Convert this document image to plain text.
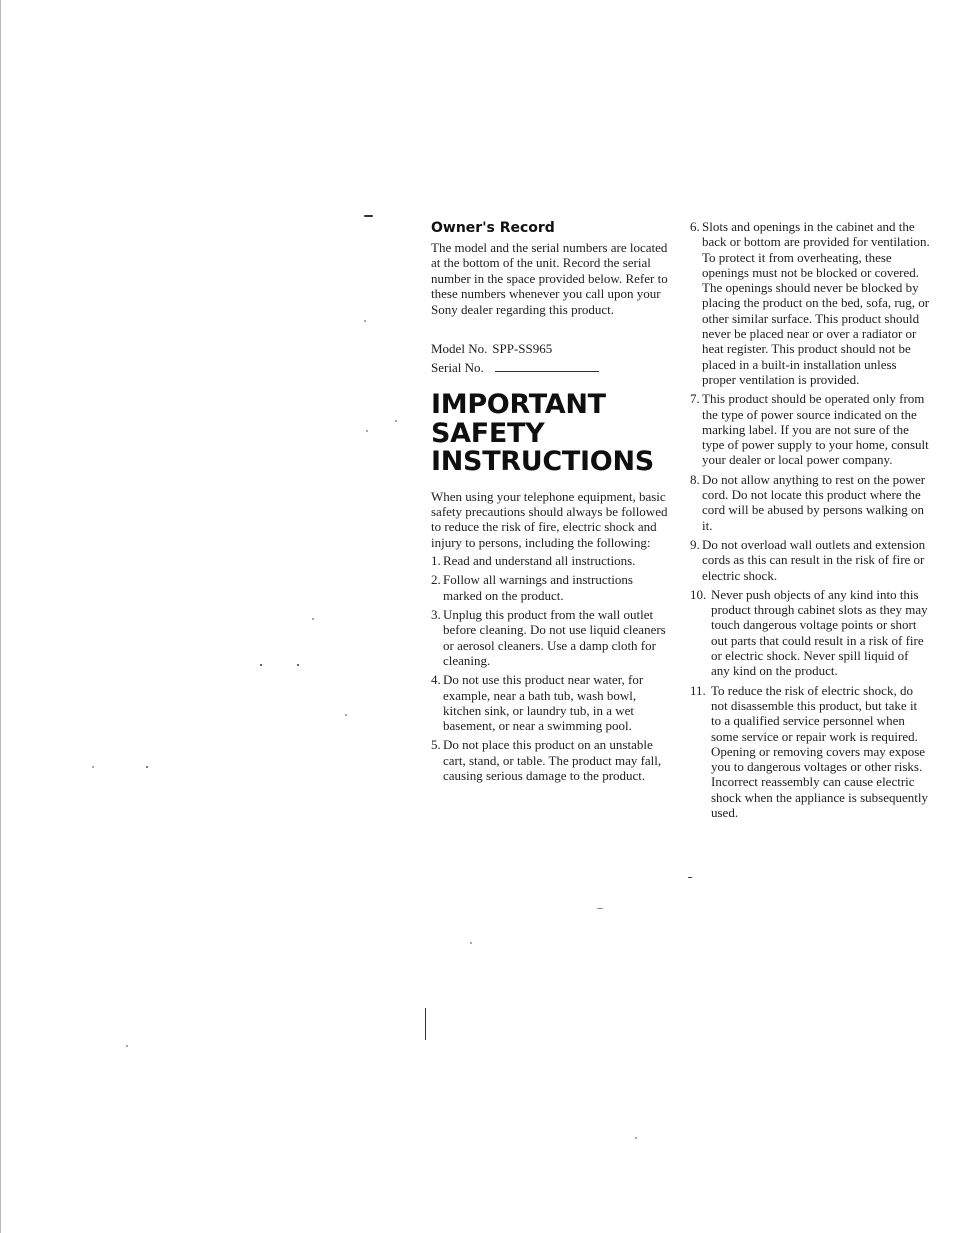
Owner's Record

The model and the serial numbers are located at the bottom of the unit. Record the serial number in the space provided below. Refer to these numbers whenever you call upon your Sony dealer regarding this product.

Model No. SPP-SS965
Serial No.
IMPORTANT
SAFETY
INSTRUCTIONS

When using your telephone equipment, basic safety precautions should always be followed to reduce the risk of fire, electric shock and injury to persons, including the following:

1. Read and understand all instructions.
2. Follow all warnings and instructions marked on the product.
3. Unplug this product from the wall outlet before cleaning. Do not use liquid cleaners or aerosol cleaners. Use a damp cloth for cleaning.
4. Do not use this product near water, for example, near a bath tub, wash bowl, kitchen sink, or laundry tub, in a wet basement, or near a swimming pool.
5. Do not place this product on an unstable cart, stand, or table. The product may fall, causing serious damage to the product.
6. Slots and openings in the cabinet and the back or bottom are provided for ventilation. To protect it from overheating, these openings must not be blocked or covered. The openings should never be blocked by placing the product on the bed, sofa, rug, or other similar surface. This product should never be placed near or over a radiator or heat register. This product should not be placed in a built-in installation unless proper ventilation is provided.
7. This product should be operated only from the type of power source indicated on the marking label. If you are not sure of the type of power supply to your home, consult your dealer or local power company.
8. Do not allow anything to rest on the power cord. Do not locate this product where the cord will be abused by persons walking on it.
9. Do not overload wall outlets and extension cords as this can result in the risk of fire or electric shock.
10. Never push objects of any kind into this product through cabinet slots as they may touch dangerous voltage points or short out parts that could result in a risk of fire or electric shock. Never spill liquid of any kind on the product.
11. To reduce the risk of electric shock, do not disassemble this product, but take it to a qualified service personnel when some service or repair work is required. Opening or removing covers may expose you to dangerous voltages or other risks. Incorrect reassembly can cause electric shock when the appliance is subsequently used.
